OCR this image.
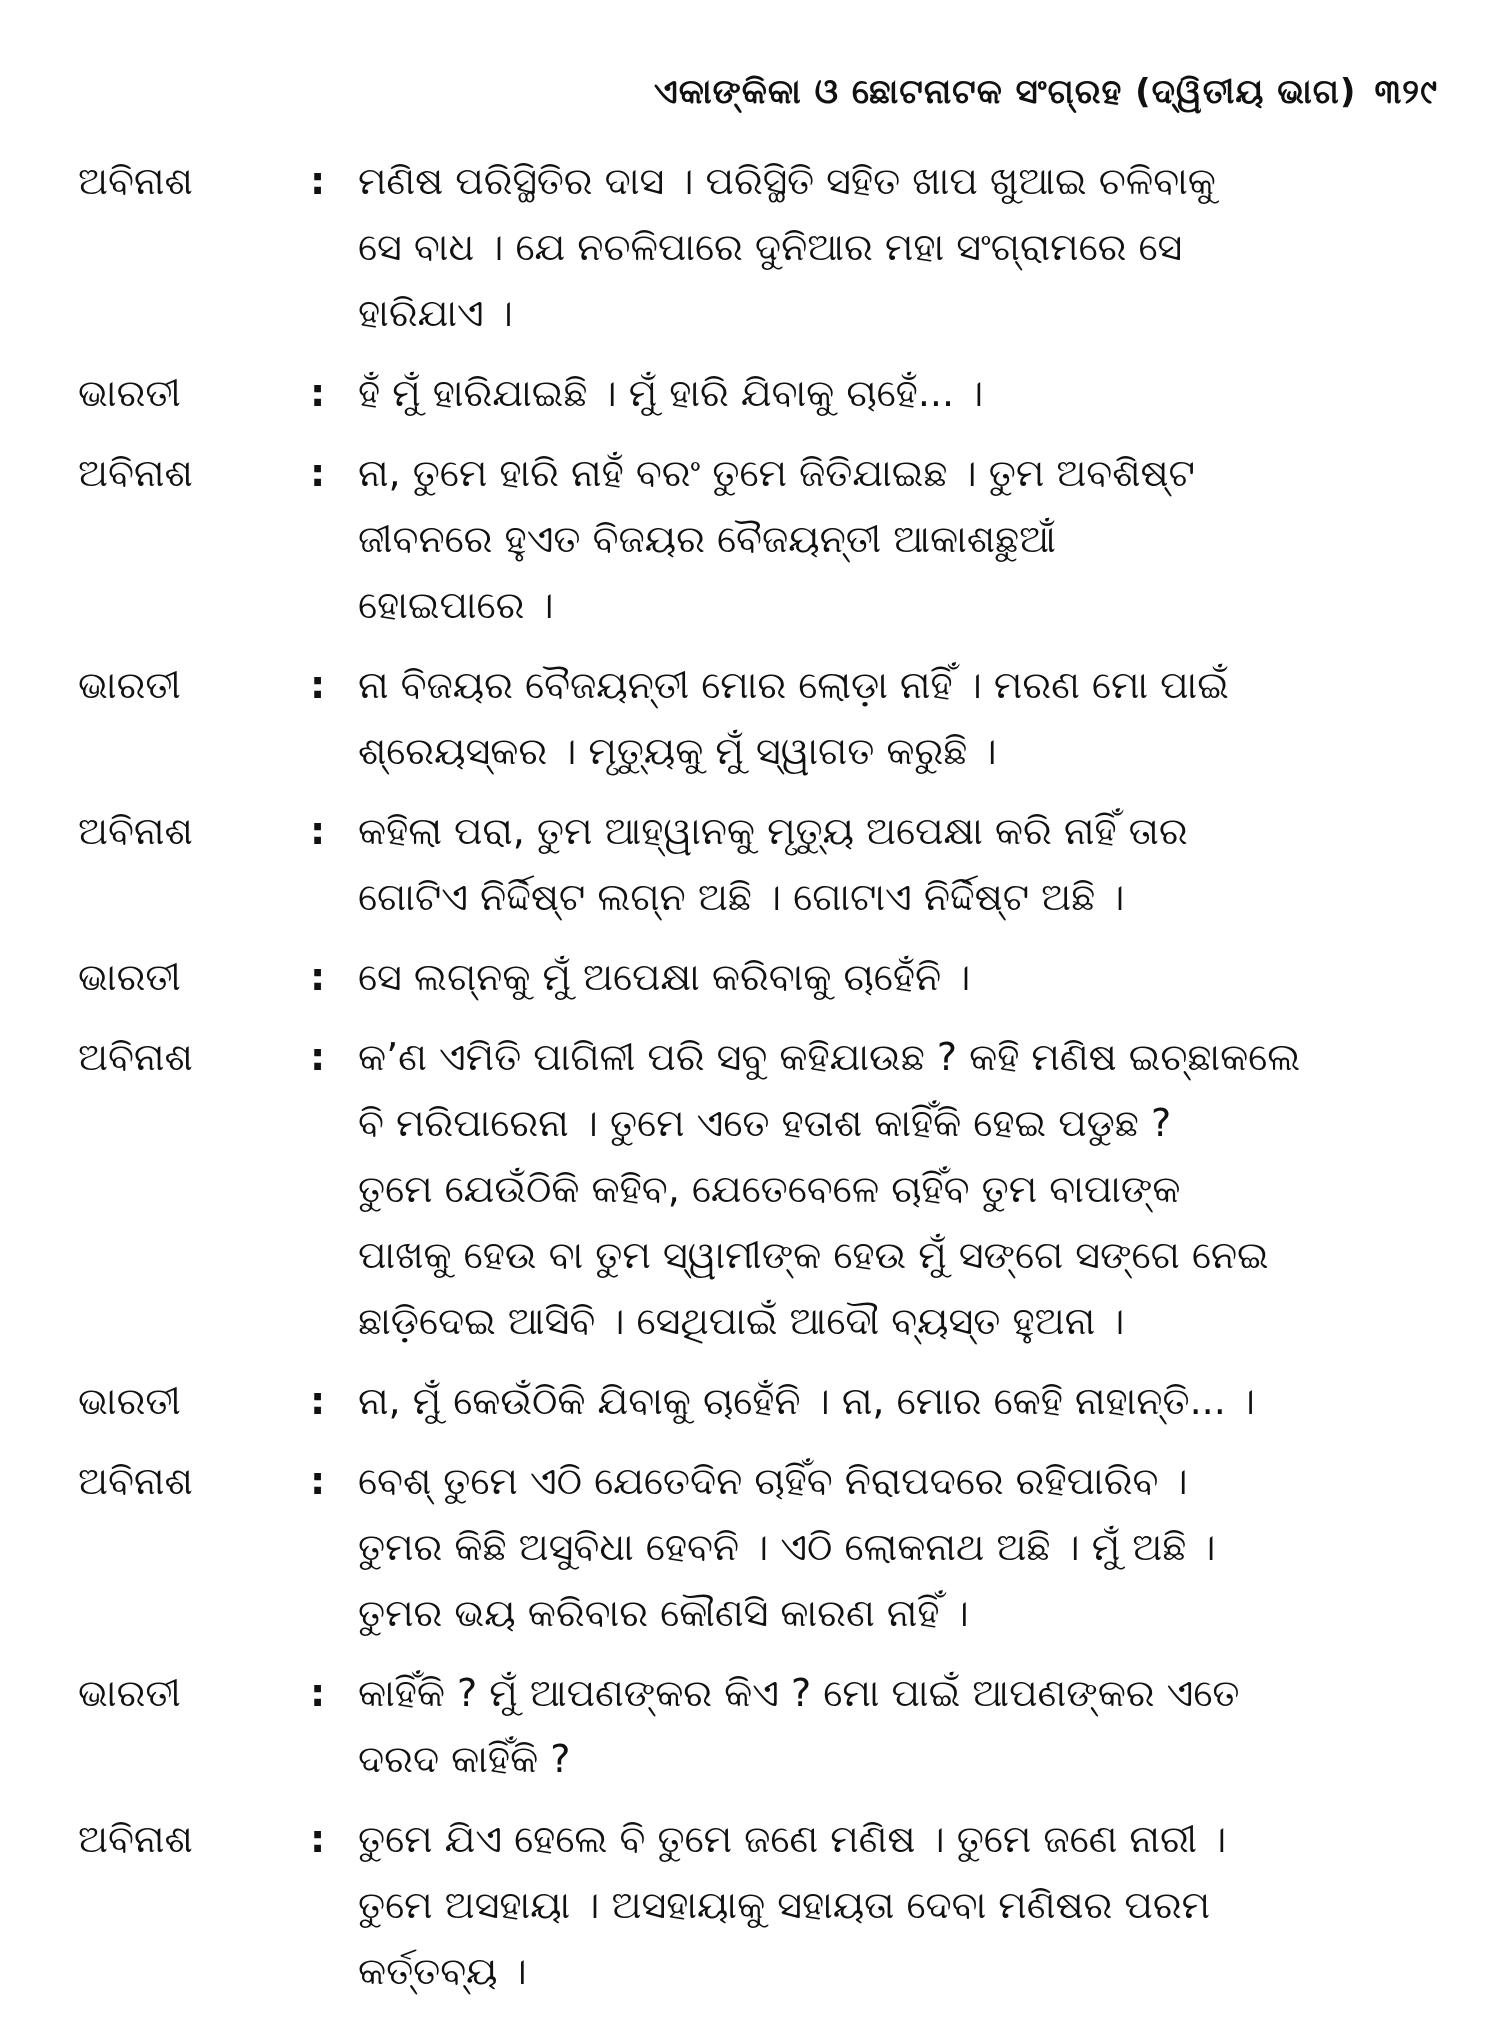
ଏକାଙ୍କିକା ଓ ଛୋଟନାଟକ ସଂଗ୍ରହ (ଦ୍ୱିତୀୟ ଭାଗ) ୩୨୯
ଅବିନାଶ	: ମଣିଷ ପରିସ୍ଥିତିର ଦାସ । ପରିସ୍ଥିତି ସହିତ ଖାପ ଖୁଆଇ ଚଳିବାକୁ
ସେ ବାଧ । ଯେ ନଚଳିପାରେ ଦୁନିଆର ମହା ସଂଗ୍ରାମରେ ସେ
ହାରିଯାଏ ।
ଭାରତୀ	: ହଁ ମୁଁ ହାରିଯାଇଛି । ମୁଁ ହାରି ଯିବାକୁ ଚାହେଁ... ।
ଅବିନାଶ	: ନା, ତୁମେ ହାରି ନାହଁ ବରଂ ତୁମେ ଜିତିଯାଇଛ । ତୁମ ଅବଶିଷ୍ଟ
ଜୀବନରେ ହୁଏତ ବିଜୟର ବୈଜୟନ୍ତୀ ଆକାଶଛୁଆଁ
ହୋଇପାରେ ।
ଭାରତୀ	: ନା ବିଜୟର ବୈଜୟନ୍ତୀ ମୋର ଲୋଡ଼ା ନାହିଁ । ମରଣ ମୋ ପାଇଁ
ଶ୍ରେୟସ୍କର । ମୃତ୍ୟୁକୁ ମୁଁ ସ୍ୱାଗତ କରୁଛି ।
ଅବିନାଶ	: କହିଲା ପରା, ତୁମ ଆହ୍ୱାନକୁ ମୃତ୍ୟୁ ଅପେକ୍ଷା କରି ନାହିଁ ତାର
ଗୋଟିଏ ନିର୍ଦ୍ଦିଷ୍ଟ ଲଗ୍ନ ଅଛି । ଗୋଟାଏ ନିର୍ଦ୍ଦିଷ୍ଟ ଅଛି ।
ଭାରତୀ	: ସେ ଲଗ୍ନକୁ ମୁଁ ଅପେକ୍ଷା କରିବାକୁ ଚାହେଁନି ।
ଅବିନାଶ	: କ’ଣ ଏମିତି ପାଗିଳୀ ପରି ସବୁ କହିଯାଉଛ ? କହି ମଣିଷ ଇଚ୍ଛାକଲେ
ବି ମରିପାରେନା । ତୁମେ ଏତେ ହତାଶ କାହିଁକି ହେଇ ପଡୁଛ ?
ତୁମେ ଯେଉଁଠିକି କହିବ, ଯେତେବେଳେ ଚାହିଁବ ତୁମ ବାପାଙ୍କ
ପାଖକୁ ହେଉ ବା ତୁମ ସ୍ୱାମୀଙ୍କ ହେଉ ମୁଁ ସଙ୍ଗେ ସଙ୍ଗେ ନେଇ
ଛାଡ଼ିଦେଇ ଆସିବି । ସେଥିପାଇଁ ଆଦୌ ବ୍ୟସ୍ତ ହୁଅନା ।
ଭାରତୀ	: ନା, ମୁଁ କେଉଁଠିକି ଯିବାକୁ ଚାହେଁନି । ନା, ମୋର କେହି ନାହାନ୍ତି... ।
ଅବିନାଶ	: ବେଶ୍ ତୁମେ ଏଠି ଯେତେଦିନ ଚାହିଁବ ନିରାପଦରେ ରହିପାରିବ ।
ତୁମର କିଛି ଅସୁବିଧା ହେବନି । ଏଠି ଲୋକନାଥ ଅଛି । ମୁଁ ଅଛି ।
ତୁମର ଭୟ କରିବାର କୌଣସି କାରଣ ନାହିଁ ।
ଭାରତୀ	: କାହିଁକି ? ମୁଁ ଆପଣଙ୍କର କିଏ ? ମୋ ପାଇଁ ଆପଣଙ୍କର ଏତେ
ଦରଦ କାହିଁକି ?
ଅବିନାଶ	: ତୁମେ ଯିଏ ହେଲେ ବି ତୁମେ ଜଣେ ମଣିଷ । ତୁମେ ଜଣେ ନାରୀ ।
ତୁମେ ଅସହାୟା । ଅସହାୟାକୁ ସହାୟତା ଦେବା ମଣିଷର ପରମ
କର୍ତ୍ତବ୍ୟ ।
